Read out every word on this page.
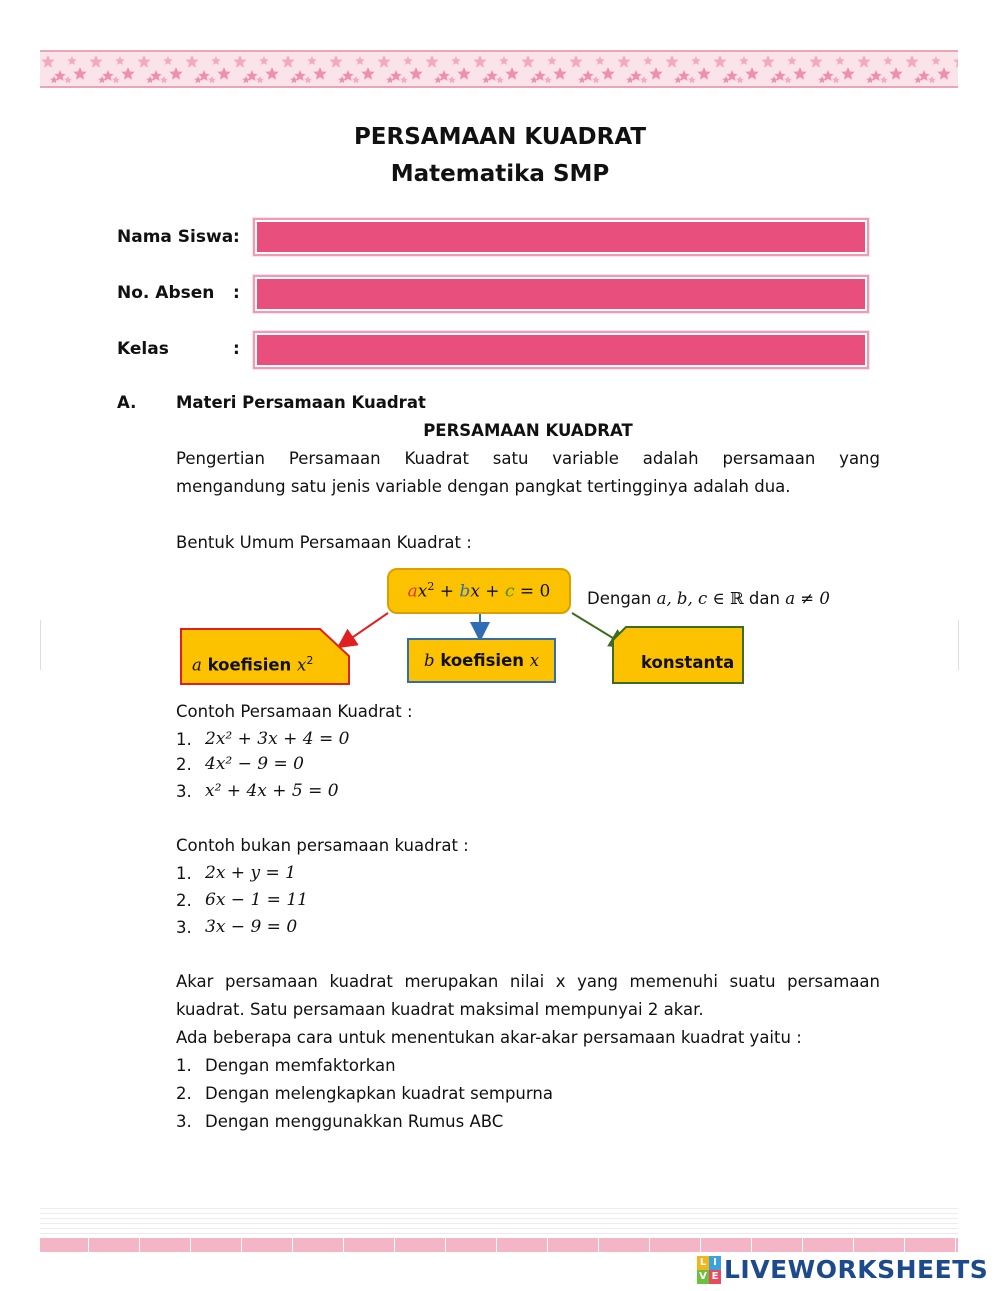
PERSAMAAN KUADRAT
Matematika SMP
Nama Siswa :
No. Absen :
Kelas	:
A. Materi Persamaan Kuadrat
PERSAMAAN KUADRAT
Pengertian Persamaan Kuadrat satu variable adalah persamaan yang
mengandung satu jenis variable dengan pangkat tertingginya adalah dua.
Bentuk Umum Persamaan Kuadrat :
$ax^2$ + bx + c = 0 Dengan a, b, c ∈ ℝ dan a ≠ 0
a koefisien $x^2$	b koefisien x	konstanta
Contoh Persamaan Kuadrat :
1. 2x² + 3x + 4 = 0
2. 4x² − 9 = 0
3. x² + 4x + 5 = 0
Contoh bukan persamaan kuadrat :
1. 2x + y = 1
2. 6x − 1 = 11
3. 3x − 9 = 0
Akar persamaan kuadrat merupakan nilai x yang memenuhi suatu persamaan
kuadrat. Satu persamaan kuadrat maksimal mempunyai 2 akar.
Ada beberapa cara untuk menentukan akar-akar persamaan kuadrat yaitu :
1. Dengan memfaktorkan
2. Dengan melengkapkan kuadrat sempurna
3. Dengan menggunakkan Rumus ABC
L I
V E LIVEWORKSHEETS
